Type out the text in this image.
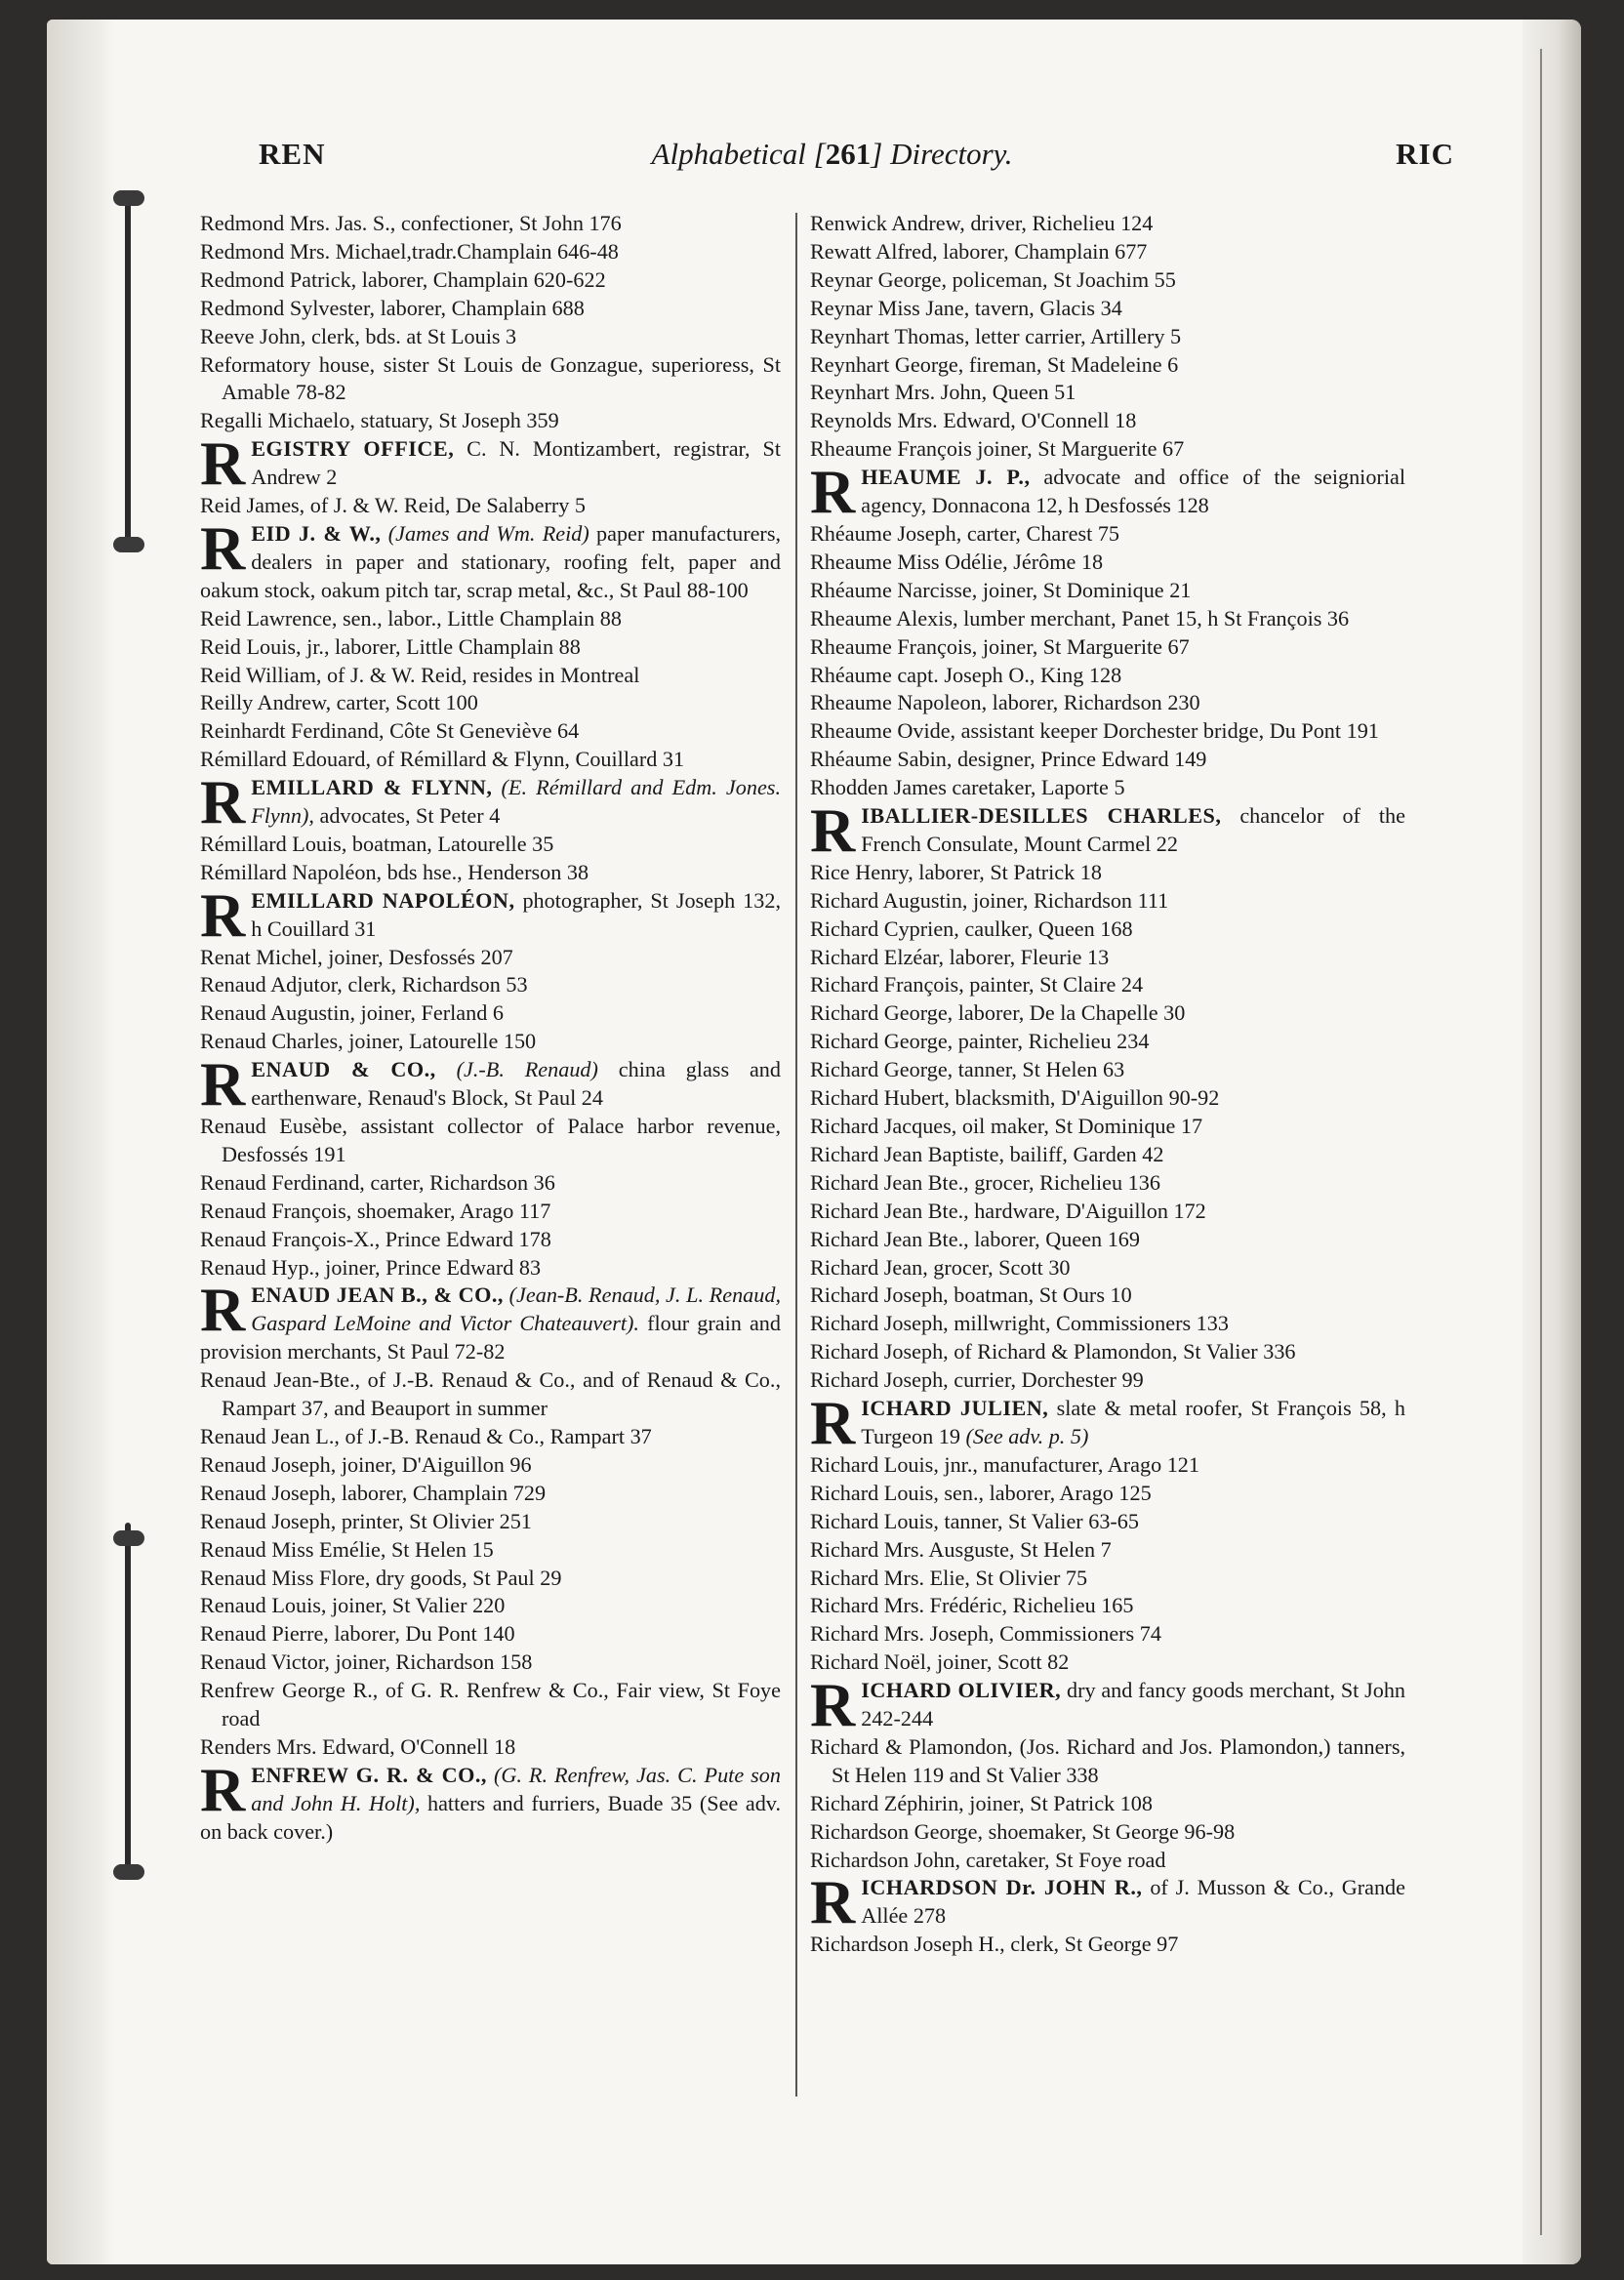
REN	Alphabetical [261] Directory.	RIC
Redmond Mrs. Jas. S., confectioner, St John 176
Redmond Mrs. Michael,tradr.Champlain 646-48
Redmond Patrick, laborer, Champlain 620-622
Redmond Sylvester, laborer, Champlain 688
Reeve John, clerk, bds. at St Louis 3
Reformatory house, sister St Louis de Gonzague, superioress, St Amable 78-82
Regalli Michaelo, statuary, St Joseph 359
REGISTRY OFFICE, C. N. Montizambert, registrar, St Andrew 2
Reid James, of J. & W. Reid, De Salaberry 5
REID J. & W., (James and Wm. Reid) paper manufacturers, dealers in paper and stationary, roofing felt, paper and oakum stock, oakum pitch tar, scrap metal, &c., St Paul 88-100
Reid Lawrence, sen., labor., Little Champlain 88
Reid Louis, jr., laborer, Little Champlain 88
Reid William, of J. & W. Reid, resides in Montreal
Reilly Andrew, carter, Scott 100
Reinhardt Ferdinand, Côte St Geneviève 64
Rémillard Edouard, of Rémillard & Flynn, Couillard 31
REMILLARD & FLYNN, (E. Rémillard and Edm. Jones. Flynn), advocates, St Peter 4
Rémillard Louis, boatman, Latourelle 35
Rémillard Napoléon, bds hse., Henderson 38
REMILLARD NAPOLÉON, photographer, St Joseph 132, h Couillard 31
Renat Michel, joiner, Desfossés 207
Renaud Adjutor, clerk, Richardson 53
Renaud Augustin, joiner, Ferland 6
Renaud Charles, joiner, Latourelle 150
RENAUD & CO., (J.-B. Renaud) china glass and earthenware, Renaud's Block, St Paul 24
Renaud Eusèbe, assistant collector of Palace harbor revenue, Desfossés 191
Renaud Ferdinand, carter, Richardson 36
Renaud François, shoemaker, Arago 117
Renaud François-X., Prince Edward 178
Renaud Hyp., joiner, Prince Edward 83
RENAUD JEAN B., & CO., (Jean-B. Renaud, J. L. Renaud, Gaspard LeMoine and Victor Chateauvert). flour grain and provision merchants, St Paul 72-82
Renaud Jean-Bte., of J.-B. Renaud & Co., and of Renaud & Co., Rampart 37, and Beauport in summer
Renaud Jean L., of J.-B. Renaud & Co., Rampart 37
Renaud Joseph, joiner, D'Aiguillon 96
Renaud Joseph, laborer, Champlain 729
Renaud Joseph, printer, St Olivier 251
Renaud Miss Emélie, St Helen 15
Renaud Miss Flore, dry goods, St Paul 29
Renaud Louis, joiner, St Valier 220
Renaud Pierre, laborer, Du Pont 140
Renaud Victor, joiner, Richardson 158
Renfrew George R., of G. R. Renfrew & Co., Fair view, St Foye road
Renders Mrs. Edward, O'Connell 18
RENFREW G. R. & CO., (G. R. Renfrew, Jas. C. Pute son and John H. Holt), hatters and furriers, Buade 35 (See adv. on back cover.)
Renwick Andrew, driver, Richelieu 124
Rewatt Alfred, laborer, Champlain 677
Reynar George, policeman, St Joachim 55
Reynar Miss Jane, tavern, Glacis 34
Reynhart Thomas, letter carrier, Artillery 5
Reynhart George, fireman, St Madeleine 6
Reynhart Mrs. John, Queen 51
Reynolds Mrs. Edward, O'Connell 18
Rheaume François joiner, St Marguerite 67
RHEAUME J. P., advocate and office of the seigniorial agency, Donnacona 12, h Desfossés 128
Rhéaume Joseph, carter, Charest 75
Rheaume Miss Odélie, Jérôme 18
Rhéaume Narcisse, joiner, St Dominique 21
Rheaume Alexis, lumber merchant, Panet 15, h St François 36
Rheaume François, joiner, St Marguerite 67
Rhéaume capt. Joseph O., King 128
Rheaume Napoleon, laborer, Richardson 230
Rheaume Ovide, assistant keeper Dorchester bridge, Du Pont 191
Rhéaume Sabin, designer, Prince Edward 149
Rhodden James caretaker, Laporte 5
RIBALLIER-DESILLES CHARLES, chancelor of the French Consulate, Mount Carmel 22
Rice Henry, laborer, St Patrick 18
Richard Augustin, joiner, Richardson 111
Richard Cyprien, caulker, Queen 168
Richard Elzéar, laborer, Fleurie 13
Richard François, painter, St Claire 24
Richard George, laborer, De la Chapelle 30
Richard George, painter, Richelieu 234
Richard George, tanner, St Helen 63
Richard Hubert, blacksmith, D'Aiguillon 90-92
Richard Jacques, oil maker, St Dominique 17
Richard Jean Baptiste, bailiff, Garden 42
Richard Jean Bte., grocer, Richelieu 136
Richard Jean Bte., hardware, D'Aiguillon 172
Richard Jean Bte., laborer, Queen 169
Richard Jean, grocer, Scott 30
Richard Joseph, boatman, St Ours 10
Richard Joseph, millwright, Commissioners 133
Richard Joseph, of Richard & Plamondon, St Valier 336
Richard Joseph, currier, Dorchester 99
RICHARD JULIEN, slate & metal roofer, St François 58, h Turgeon 19 (See adv. p. 5)
Richard Louis, jnr., manufacturer, Arago 121
Richard Louis, sen., laborer, Arago 125
Richard Louis, tanner, St Valier 63-65
Richard Mrs. Ausguste, St Helen 7
Richard Mrs. Elie, St Olivier 75
Richard Mrs. Frédéric, Richelieu 165
Richard Mrs. Joseph, Commissioners 74
Richard Noël, joiner, Scott 82
RICHARD OLIVIER, dry and fancy goods merchant, St John 242-244
Richard & Plamondon, (Jos. Richard and Jos. Plamondon,) tanners, St Helen 119 and St Valier 338
Richard Zéphirin, joiner, St Patrick 108
Richardson George, shoemaker, St George 96-98
Richardson John, caretaker, St Foye road
RICHARDSON Dr. JOHN R., of J. Musson & Co., Grande Allée 278
Richardson Joseph H., clerk, St George 97
